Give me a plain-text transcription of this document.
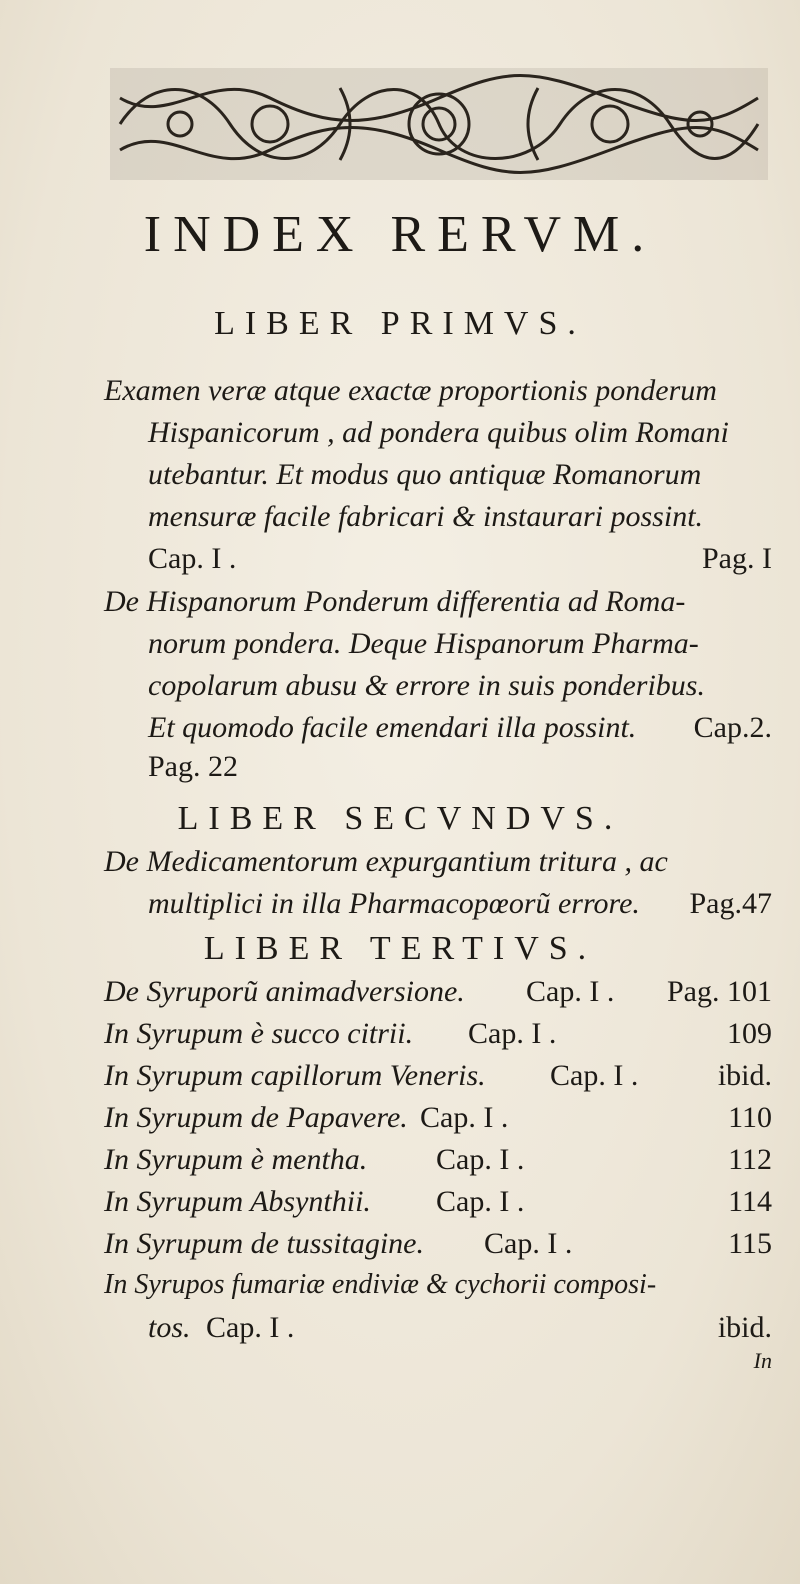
INDEX RERVM.
LIBER PRIMVS.
Examen veræ atque exactæ proportionis ponderum
Hispanicorum , ad pondera quibus olim Romani
utebantur. Et modus quo antiquæ Romanorum
mensuræ facile fabricari & instaurari possint.
Cap. I .	Pag. I
De Hispanorum Ponderum differentia ad Roma-
norum pondera. Deque Hispanorum Pharma-
copolarum abusu & errore in suis ponderibus.
Et quomodo facile emendari illa possint. Cap.2.
Pag. 22
LIBER SECVNDVS.
De Medicamentorum expurgantium tritura , ac
multiplici in illa Pharmacopœorũ errore. Pag.47
LIBER TERTIVS.
De Syruporũ animadversione. Cap. I . Pag. 101
In Syrupum è succo citrii. Cap. I .	109
In Syrupum capillorum Veneris. Cap. I .	ibid.
In Syrupum de Papavere. Cap. I .	110
In Syrupum è mentha. Cap. I .	112
In Syrupum Absynthii. Cap. I .	114
In Syrupum de tussitagine. Cap. I .	115
In Syrupos fumariæ endiviæ & cychorii composi-
tos. Cap. I .	ibid.
In
